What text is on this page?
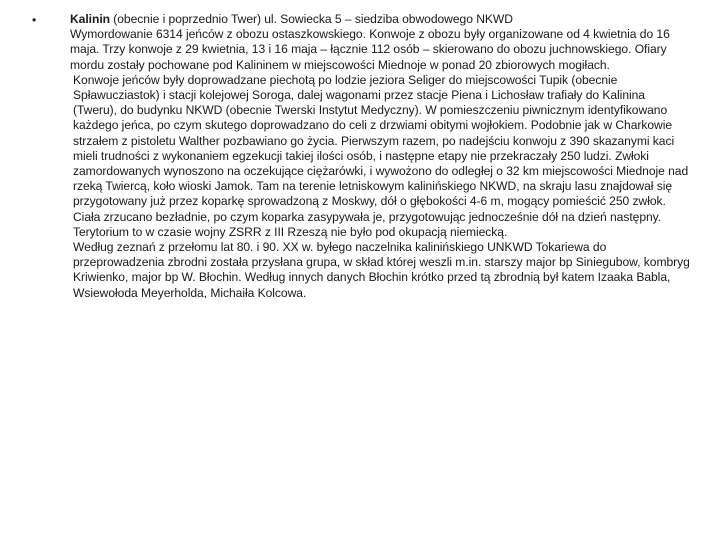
•	Kalinin (obecnie i poprzednio Twer) ul. Sowiecka 5 – siedziba obwodowego NKWD

Wymordowanie 6314 jeńców z obozu ostaszkowskiego. Konwoje z obozu były organizowane od 4 kwietnia do 16 maja. Trzy konwoje z 29 kwietnia, 13 i 16 maja – łącznie 112 osób – skierowano do obozu juchnowskiego. Ofiary mordu zostały pochowane pod Kalininem w miejscowości Miednoje w ponad 20 zbiorowych mogiłach.

Konwoje jeńców były doprowadzane piechotą po lodzie jeziora Seliger do miejscowości Tupik (obecnie Spławucziastok) i stacji kolejowej Soroga, dalej wagonami przez stacje Piena i Lichosław trafiały do Kalinina (Tweru), do budynku NKWD (obecnie Twerski Instytut Medyczny). W pomieszczeniu piwnicznym identyfikowano każdego jeńca, po czym skutego doprowadzano do celi z drzwiami obitymi wojłokiem. Podobnie jak w Charkowie strzałem z pistoletu Walther pozbawiano go życia. Pierwszym razem, po nadejściu konwoju z 390 skazanymi kaci mieli trudności z wykonaniem egzekucji takiej ilości osób, i następne etapy nie przekraczały 250 ludzi. Zwłoki zamordowanych wynoszono na oczekujące ciężarówki, i wywożono do odległej o 32 km miejscowości Miednoje nad rzeką Twiercą, koło wioski Jamok. Tam na terenie letniskowym kalinińskiego NKWD, na skraju lasu znajdował się przygotowany już przez koparkę sprowadzoną z Moskwy, dół o głębokości 4-6 m, mogący pomieścić 250 zwłok. Ciała zrzucano bezładnie, po czym koparka zasypywała je, przygotowując jednocześnie dół na dzień następny. Terytorium to w czasie wojny ZSRR z III Rzeszą nie było pod okupacją niemiecką.

Według zeznań z przełomu lat 80. i 90. XX w. byłego naczelnika kalinińskiego UNKWD Tokariewa do przeprowadzenia zbrodni została przysłana grupa, w skład której weszli m.in. starszy major bp Siniegubow, kombryg Kriwienko, major bp W. Błochin. Według innych danych Błochin krótko przed tą zbrodnią był katem Izaaka Babla, Wsiewołoda Meyerholda, Michaiła Kolcowa.
